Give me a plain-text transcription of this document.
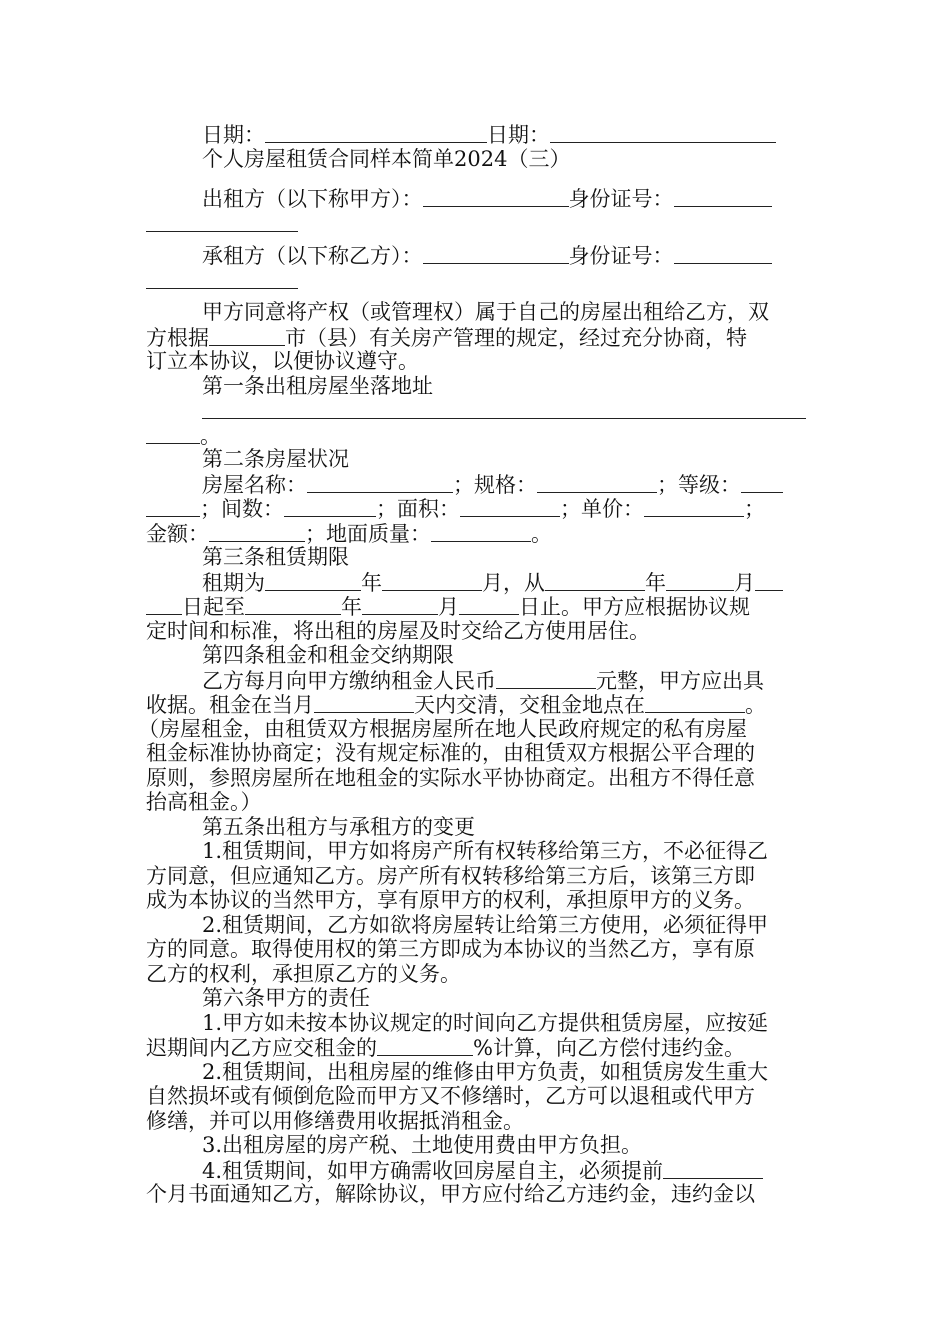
日期：	日期：
个人房屋租赁合同样本简单2024（三）
出租方（以下称甲方）：	身份证号：
承租方（以下称乙方）：	身份证号：
甲方同意将产权（或管理权）属于自己的房屋出租给乙方，双
方根据	市（县）有关房产管理的规定，经过充分协商，特
订立本协议，以便协议遵守。
第一条出租房屋坐落地址
。
第二条房屋状况
房屋名称：	；规格：	；等级：
；间数：	；面积：	；单价：	；
金额：	；地面质量：	。
第三条租赁期限
租期为	年	月，从	年	月
日起至	年	月	日止。甲方应根据协议规
定时间和标准，将出租的房屋及时交给乙方使用居住。
第四条租金和租金交纳期限
乙方每月向甲方缴纳租金人民币	元整，甲方应出具
收据。租金在当月	天内交清，交租金地点在	。
（房屋租金，由租赁双方根据房屋所在地人民政府规定的私有房屋
租金标准协协商定；没有规定标准的，由租赁双方根据公平合理的
原则，参照房屋所在地租金的实际水平协协商定。出租方不得任意
抬高租金。）
第五条出租方与承租方的变更
1.租赁期间，甲方如将房产所有权转移给第三方，不必征得乙
方同意，但应通知乙方。房产所有权转移给第三方后，该第三方即
成为本协议的当然甲方，享有原甲方的权利，承担原甲方的义务。
2.租赁期间，乙方如欲将房屋转让给第三方使用，必须征得甲
方的同意。取得使用权的第三方即成为本协议的当然乙方，享有原
乙方的权利，承担原乙方的义务。
第六条甲方的责任
1.甲方如未按本协议规定的时间向乙方提供租赁房屋，应按延
迟期间内乙方应交租金的	%计算，向乙方偿付违约金。
2.租赁期间，出租房屋的维修由甲方负责，如租赁房发生重大
自然损坏或有倾倒危险而甲方又不修缮时，乙方可以退租或代甲方
修缮，并可以用修缮费用收据抵消租金。
3.出租房屋的房产税、土地使用费由甲方负担。
4.租赁期间，如甲方确需收回房屋自主，必须提前
个月书面通知乙方，解除协议，甲方应付给乙方违约金，违约金以
